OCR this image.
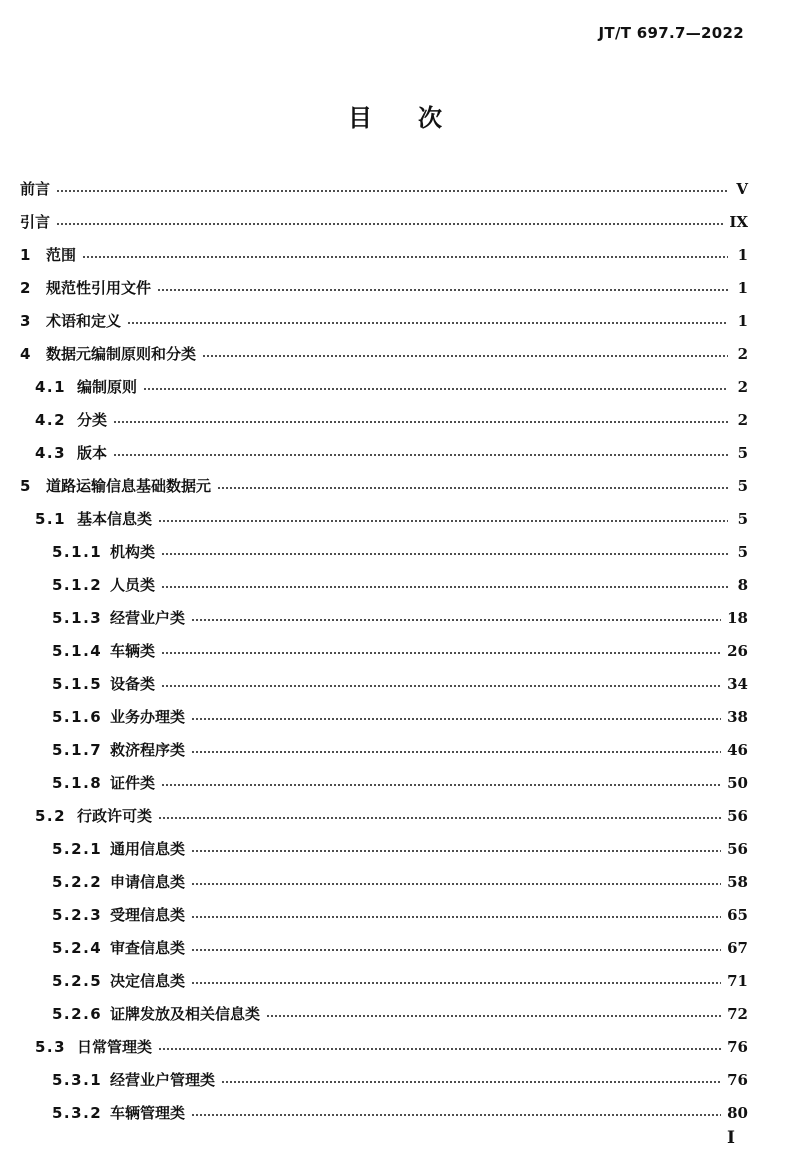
JT/T 697.7—2022
目 次
前言	V
引言	IX
1 范围	1
2 规范性引用文件	1
3 术语和定义	1
4 数据元编制原则和分类	2
4.1 编制原则	2
4.2 分类	2
4.3 版本	5
5 道路运输信息基础数据元	5
5.1 基本信息类	5
5.1.1 机构类	5
5.1.2 人员类	8
5.1.3 经营业户类	18
5.1.4 车辆类	26
5.1.5 设备类	34
5.1.6 业务办理类	38
5.1.7 救济程序类	46
5.1.8 证件类	50
5.2 行政许可类	56
5.2.1 通用信息类	56
5.2.2 申请信息类	58
5.2.3 受理信息类	65
5.2.4 审查信息类	67
5.2.5 决定信息类	71
5.2.6 证牌发放及相关信息类	72
5.3 日常管理类	76
5.3.1 经营业户管理类	76
5.3.2 车辆管理类	80
I
